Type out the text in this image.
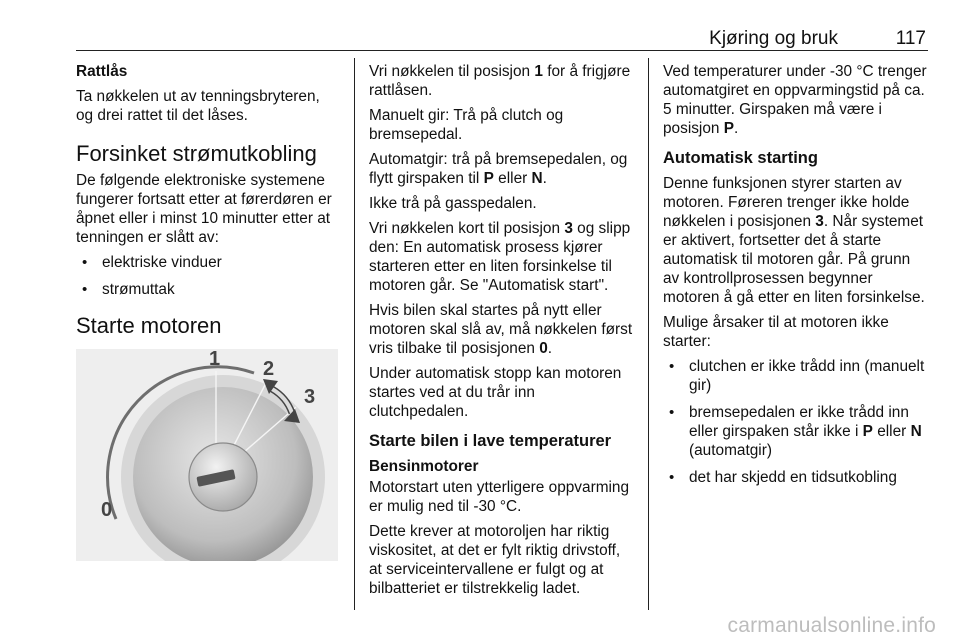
Kjøring og bruk	117
Rattlås

Ta nøkkelen ut av tenningsbryteren, og drei rattet til det låses.

Forsinket strømutkobling

De følgende elektroniske systemene fungerer fortsatt etter at førerdøren er åpnet eller i minst 10 minutter etter at tenningen er slått av:

• elektriske vinduer
• strømuttak
Starte motoren
0
1 2
3

Vri nøkkelen til posisjon 1 for å frigjøre rattlåsen.

Manuelt gir: Trå på clutch og bremsepedal.

Automatgir: trå på bremsepedalen, og flytt girspaken til P eller N.

Ikke trå på gasspedalen.

Vri nøkkelen kort til posisjon 3 og slipp den: En automatisk prosess kjører starteren etter en liten forsinkelse til motoren går. Se "Automatisk start".

Hvis bilen skal startes på nytt eller motoren skal slå av, må nøkkelen først vris tilbake til posisjonen 0.

Under automatisk stopp kan motoren startes ved at du trår inn clutchpedalen.

Starte bilen i lave temperaturer
Bensinmotorer

Motorstart uten ytterligere oppvarming er mulig ned til -30 °C.

Dette krever at motoroljen har riktig viskositet, at det er fylt riktig drivstoff, at serviceintervallene er fulgt og at bilbatteriet er tilstrekkelig ladet.

Ved temperaturer under -30 °C trenger automatgiret en oppvarmingstid på ca. 5 minutter. Girspaken må være i posisjon P.

Automatisk starting

Denne funksjonen styrer starten av motoren. Føreren trenger ikke holde nøkkelen i posisjonen 3. Når systemet er aktivert, fortsetter det å starte automatisk til motoren går. På grunn av kontrollprosessen begynner motoren å gå etter en liten forsinkelse.

Mulige årsaker til at motoren ikke starter:

• clutchen er ikke trådd inn (manuelt gir)
• bremsepedalen er ikke trådd inn eller girspaken står ikke i P eller N (automatgir)
• det har skjedd en tidsutkobling
carmanualsonline.info
